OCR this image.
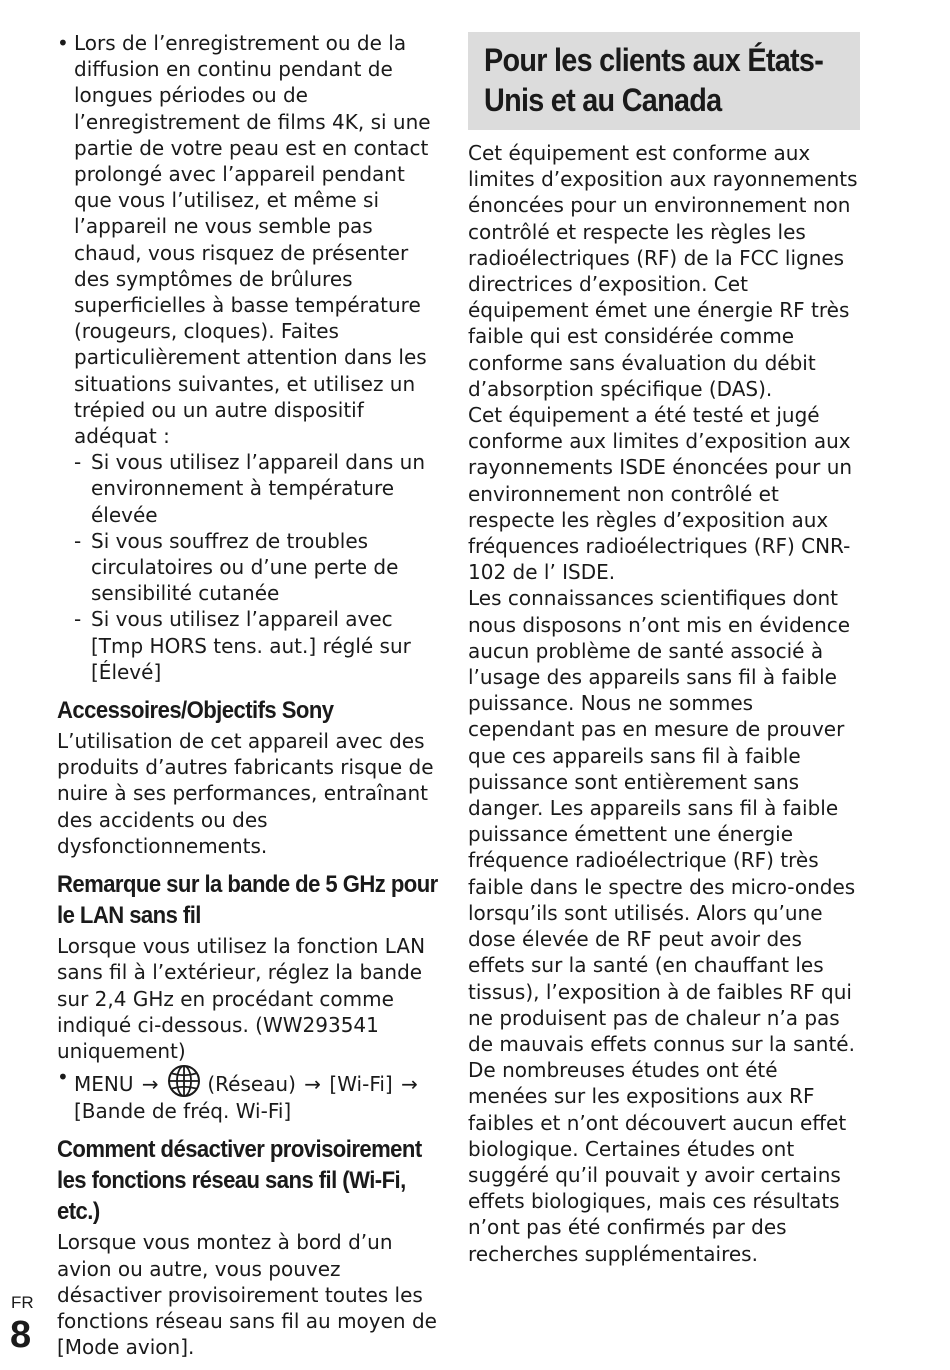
• Lors de l’enregistrement ou de la diffusion en continu pendant de longues périodes ou de l’enregistrement de films 4K, si une partie de votre peau est en contact prolongé avec l’appareil pendant que vous l’utilisez, et même si l’appareil ne vous semble pas chaud, vous risquez de présenter des symptômes de brûlures superficielles à basse température (rougeurs, cloques). Faites particulièrement attention dans les situations suivantes, et utilisez un trépied ou un autre dispositif adéquat :

- Si vous utilisez l’appareil dans un environnement à température élevée
- Si vous souffrez de troubles circulatoires ou d’une perte de sensibilité cutanée
- Si vous utilisez l’appareil avec [Tmp HORS tens. aut.] réglé sur [Élevé]
Accessoires/Objectifs Sony

L’utilisation de cet appareil avec des produits d’autres fabricants risque de nuire à ses performances, entraînant des accidents ou des dysfonctionnements.

Remarque sur la bande de 5 GHz pour le LAN sans fil

Lorsque vous utilisez la fonction LAN sans fil à l’extérieur, réglez la bande sur 2,4 GHz en procédant comme indiqué ci-dessous. (WW293541 uniquement)

• MENU → (Réseau) → [Wi-Fi] → [Bande de fréq. Wi-Fi]

Comment désactiver provisoirement les fonctions réseau sans fil (Wi-Fi, etc.)

Lorsque vous montez à bord d’un avion ou autre, vous pouvez désactiver provisoirement toutes les fonctions réseau sans fil au moyen de [Mode avion].

Pour les clients aux États-Unis et au Canada

Cet équipement est conforme aux limites d’exposition aux rayonnements énoncées pour un environnement non contrôlé et respecte les règles les radioélectriques (RF) de la FCC lignes directrices d’exposition. Cet équipement émet une énergie RF très faible qui est considérée comme conforme sans évaluation du débit d’absorption spécifique (DAS).

Cet équipement a été testé et jugé conforme aux limites d’exposition aux rayonnements ISDE énoncées pour un environnement non contrôlé et respecte les règles d’exposition aux fréquences radioélectriques (RF) CNR-102 de l’ ISDE.

Les connaissances scientifiques dont nous disposons n’ont mis en évidence aucun problème de santé associé à l’usage des appareils sans fil à faible puissance. Nous ne sommes cependant pas en mesure de prouver que ces appareils sans fil à faible puissance sont entièrement sans danger. Les appareils sans fil à faible puissance émettent une énergie fréquence radioélectrique (RF) très faible dans le spectre des micro-ondes lorsqu’ils sont utilisés. Alors qu’une dose élevée de RF peut avoir des effets sur la santé (en chauffant les tissus), l’exposition à de faibles RF qui ne produisent pas de chaleur n’a pas de mauvais effets connus sur la santé. De nombreuses études ont été menées sur les expositions aux RF faibles et n’ont découvert aucun effet biologique. Certaines études ont suggéré qu’il pouvait y avoir certains effets biologiques, mais ces résultats n’ont pas été confirmés par des recherches supplémentaires.

FR
8
